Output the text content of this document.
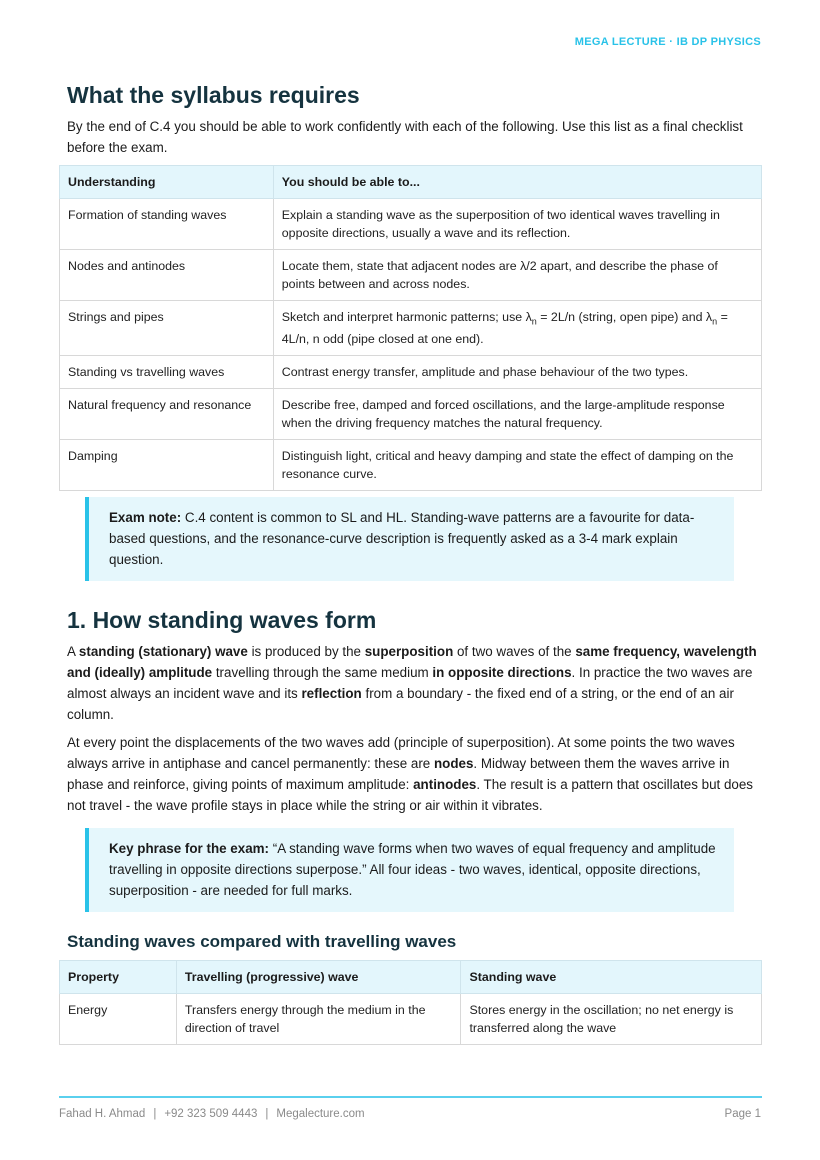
MEGA LECTURE · IB DP PHYSICS
What the syllabus requires

By the end of C.4 you should be able to work confidently with each of the following. Use this list as a final checklist before the exam.

Understanding	You should be able to...
Formation of standing waves	Explain a standing wave as the superposition of two identical waves travelling in opposite directions, usually a wave and its reflection.
Nodes and antinodes	Locate them, state that adjacent nodes are λ/2 apart, and describe the phase of points between and across nodes.
Strings and pipes	Sketch and interpret harmonic patterns; use $\lambda_n = 2L/n$ (string, open pipe) and $\lambda_n = 4L/n$, n odd (pipe closed at one end).
Standing vs travelling waves	Contrast energy transfer, amplitude and phase behaviour of the two types.
Natural frequency and resonance	Describe free, damped and forced oscillations, and the large-amplitude response when the driving frequency matches the natural frequency.
Damping	Distinguish light, critical and heavy damping and state the effect of damping on the resonance curve.
Exam note: C.4 content is common to SL and HL. Standing-wave patterns are a favourite for data-based questions, and the resonance-curve description is frequently asked as a 3-4 mark explain question.
1. How standing waves form

A standing (stationary) wave is produced by the superposition of two waves of the same frequency, wavelength and (ideally) amplitude travelling through the same medium in opposite directions. In practice the two waves are almost always an incident wave and its reflection from a boundary - the fixed end of a string, or the end of an air column.

At every point the displacements of the two waves add (principle of superposition). At some points the two waves always arrive in antiphase and cancel permanently: these are nodes. Midway between them the waves arrive in phase and reinforce, giving points of maximum amplitude: antinodes. The result is a pattern that oscillates but does not travel - the wave profile stays in place while the string or air within it vibrates.

Key phrase for the exam: “A standing wave forms when two waves of equal frequency and amplitude travelling in opposite directions superpose.” All four ideas - two waves, identical, opposite directions, superposition - are needed for full marks.
Standing waves compared with travelling waves
Property	Travelling (progressive) wave	Standing wave
Energy	Transfers energy through the medium in the direction of travel	Stores energy in the oscillation; no net energy is transferred along the wave
Fahad H. Ahmad | +92 323 509 4443 | Megalecture.com	Page 1
